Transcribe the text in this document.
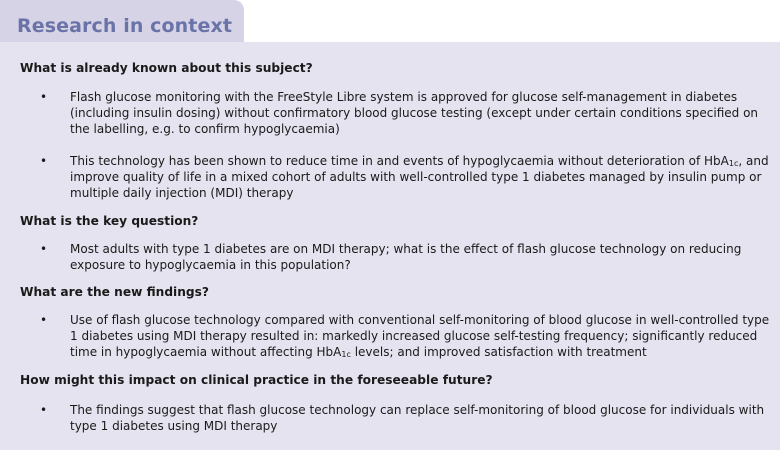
Research in context
What is already known about this subject?
• Flash glucose monitoring with the FreeStyle Libre system is approved for glucose self-management in diabetes
(including insulin dosing) without confirmatory blood glucose testing (except under certain conditions specified on
the labelling, e.g. to confirm hypoglycaemia)
• This technology has been shown to reduce time in and events of hypoglycaemia without deterioration of HbA$_{1c}$, and
improve quality of life in a mixed cohort of adults with well-controlled type 1 diabetes managed by insulin pump or
multiple daily injection (MDI) therapy
What is the key question?
• Most adults with type 1 diabetes are on MDI therapy; what is the effect of flash glucose technology on reducing
exposure to hypoglycaemia in this population?
What are the new findings?
• Use of flash glucose technology compared with conventional self-monitoring of blood glucose in well-controlled type
1 diabetes using MDI therapy resulted in: markedly increased glucose self-testing frequency; significantly reduced
time in hypoglycaemia without affecting HbA$_{1c}$ levels; and improved satisfaction with treatment
How might this impact on clinical practice in the foreseeable future?
• The findings suggest that flash glucose technology can replace self-monitoring of blood glucose for individuals with
type 1 diabetes using MDI therapy
